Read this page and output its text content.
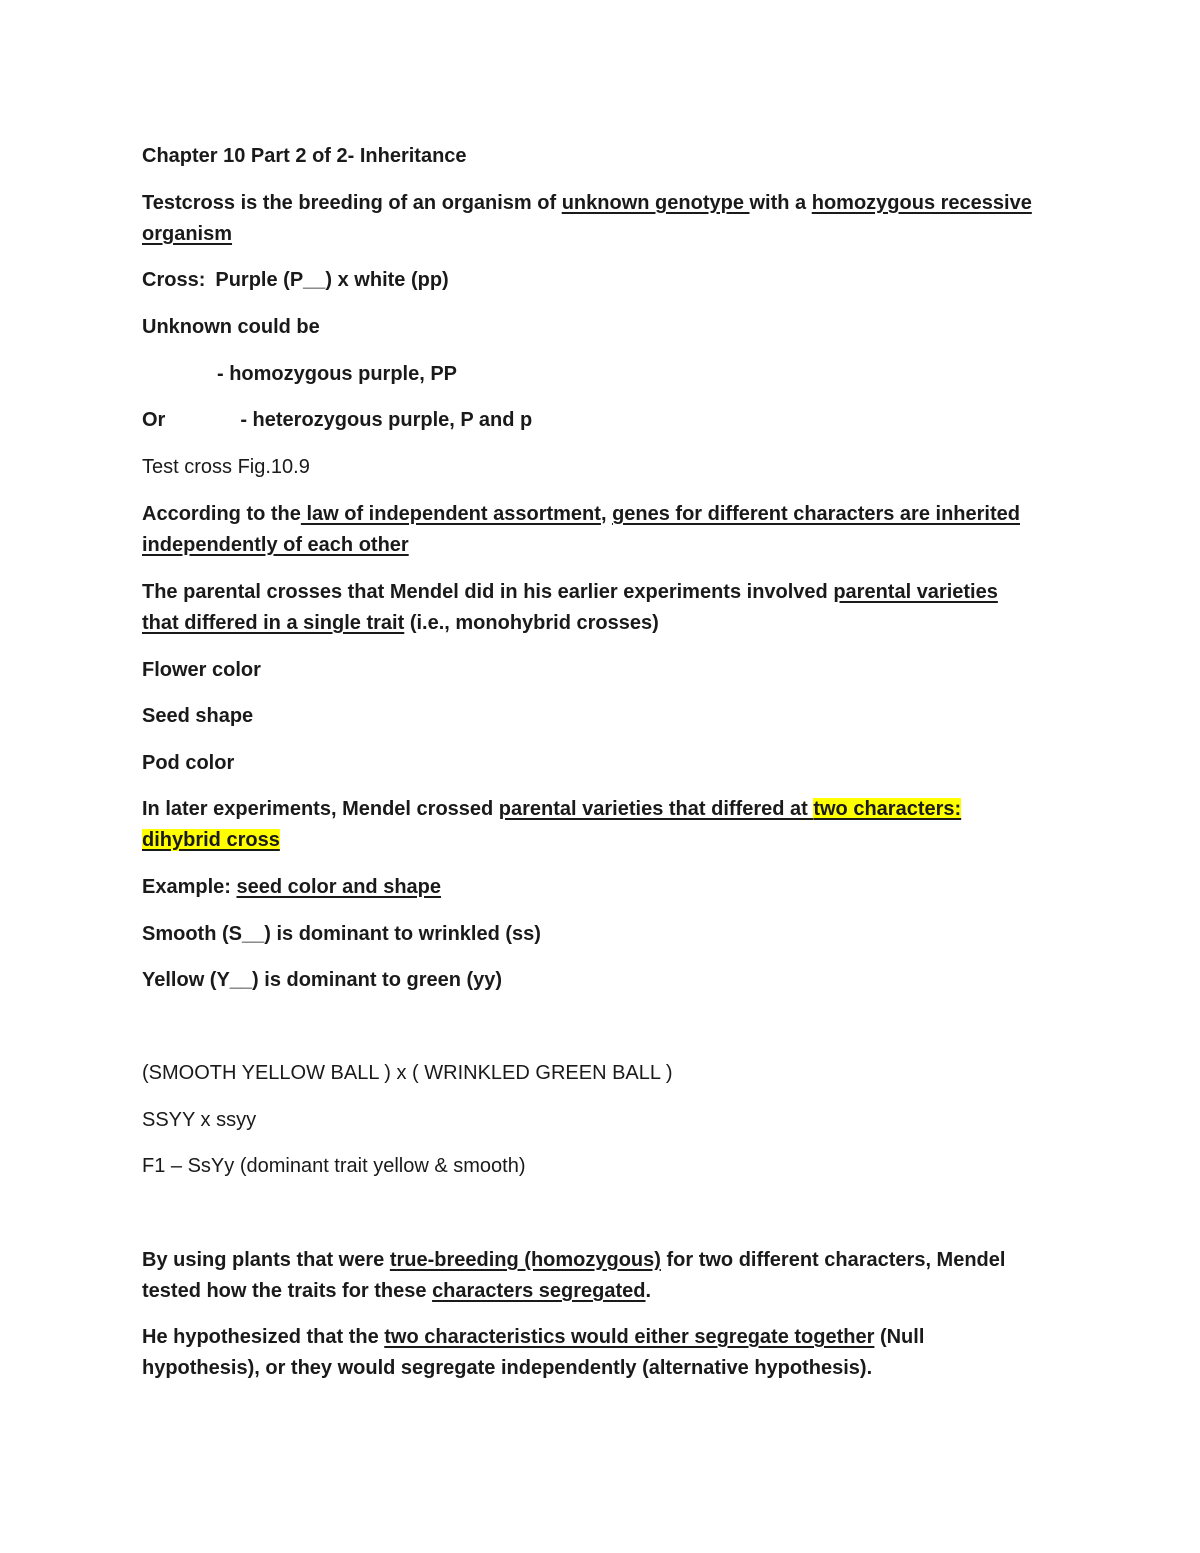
Chapter 10 Part 2 of 2- Inheritance
Testcross is the breeding of an organism of unknown genotype with a homozygous recessive
organism
Cross: Purple (P__) x white (pp)
Unknown could be
- homozygous purple, PP
Or	- heterozygous purple, P and p
Test cross Fig.10.9
According to the law of independent assortment, genes for different characters are inherited
independently of each other
The parental crosses that Mendel did in his earlier experiments involved parental varieties
that differed in a single trait (i.e., monohybrid crosses)
Flower color
Seed shape
Pod color
In later experiments, Mendel crossed parental varieties that differed at two characters:
dihybrid cross
Example: seed color and shape
Smooth (S__) is dominant to wrinkled (ss)
Yellow (Y__) is dominant to green (yy)
(SMOOTH YELLOW BALL ) x ( WRINKLED GREEN BALL )
SSYY x ssyy
F1 – SsYy (dominant trait yellow & smooth)
By using plants that were true-breeding (homozygous) for two different characters, Mendel
tested how the traits for these characters segregated.
He hypothesized that the two characteristics would either segregate together (Null
hypothesis), or they would segregate independently (alternative hypothesis).
